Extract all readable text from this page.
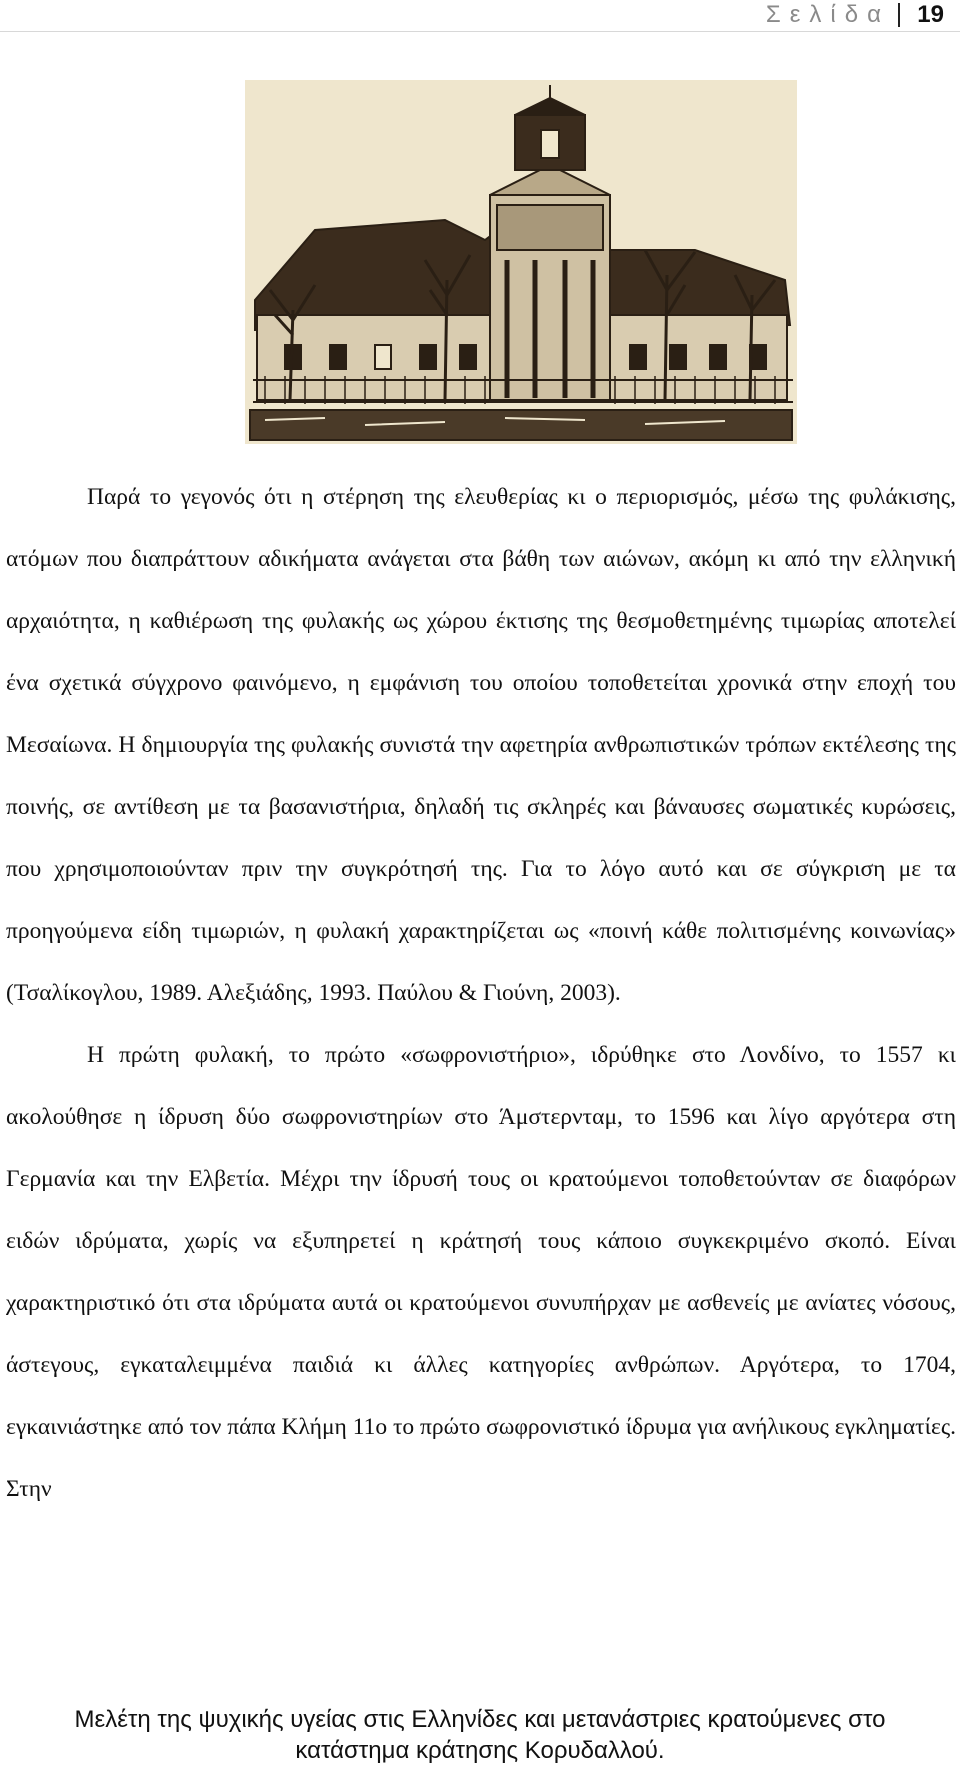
Σελίδα 19

Παρά το γεγονός ότι η στέρηση της ελευθερίας κι ο περιορισμός, μέσω της φυλάκισης, ατόμων που διαπράττουν αδικήματα ανάγεται στα βάθη των αιώνων, ακόμη κι από την ελληνική αρχαιότητα, η καθιέρωση της φυλακής ως χώρου έκτισης της θεσμοθετημένης τιμωρίας αποτελεί ένα σχετικά σύγχρονο φαινόμενο, η εμφάνιση του οποίου τοποθετείται χρονικά στην εποχή του Μεσαίωνα. Η δημιουργία της φυλακής συνιστά την αφετηρία ανθρωπιστικών τρόπων εκτέλεσης της ποινής, σε αντίθεση με τα βασανιστήρια, δηλαδή τις σκληρές και βάναυσες σωματικές κυρώσεις, που χρησιμοποιούνταν πριν την συγκρότησή της. Για το λόγο αυτό και σε σύγκριση με τα προηγούμενα είδη τιμωριών, η φυλακή χαρακτηρίζεται ως «ποινή κάθε πολιτισμένης κοινωνίας» (Τσαλίκογλου, 1989. Αλεξιάδης, 1993. Παύλου & Γιούνη, 2003).

Η πρώτη φυλακή, το πρώτο «σωφρονιστήριο», ιδρύθηκε στο Λονδίνο, το 1557 κι ακολούθησε η ίδρυση δύο σωφρονιστηρίων στο Άμστερνταμ, το 1596 και λίγο αργότερα στη Γερμανία και την Ελβετία. Μέχρι την ίδρυσή τους οι κρατούμενοι τοποθετούνταν σε διαφόρων ειδών ιδρύματα, χωρίς να εξυπηρετεί η κράτησή τους κάποιο συγκεκριμένο σκοπό. Είναι χαρακτηριστικό ότι στα ιδρύματα αυτά οι κρατούμενοι συνυπήρχαν με ασθενείς με ανίατες νόσους, άστεγους, εγκαταλειμμένα παιδιά κι άλλες κατηγορίες ανθρώπων. Αργότερα, το 1704, εγκαινιάστηκε από τον πάπα Κλήμη 11ο το πρώτο σωφρονιστικό ίδρυμα για ανήλικους εγκληματίες. Στην

Μελέτη της ψυχικής υγείας στις Ελληνίδες και μετανάστριες κρατούμενες στο
κατάστημα κράτησης Κορυδαλλού.
